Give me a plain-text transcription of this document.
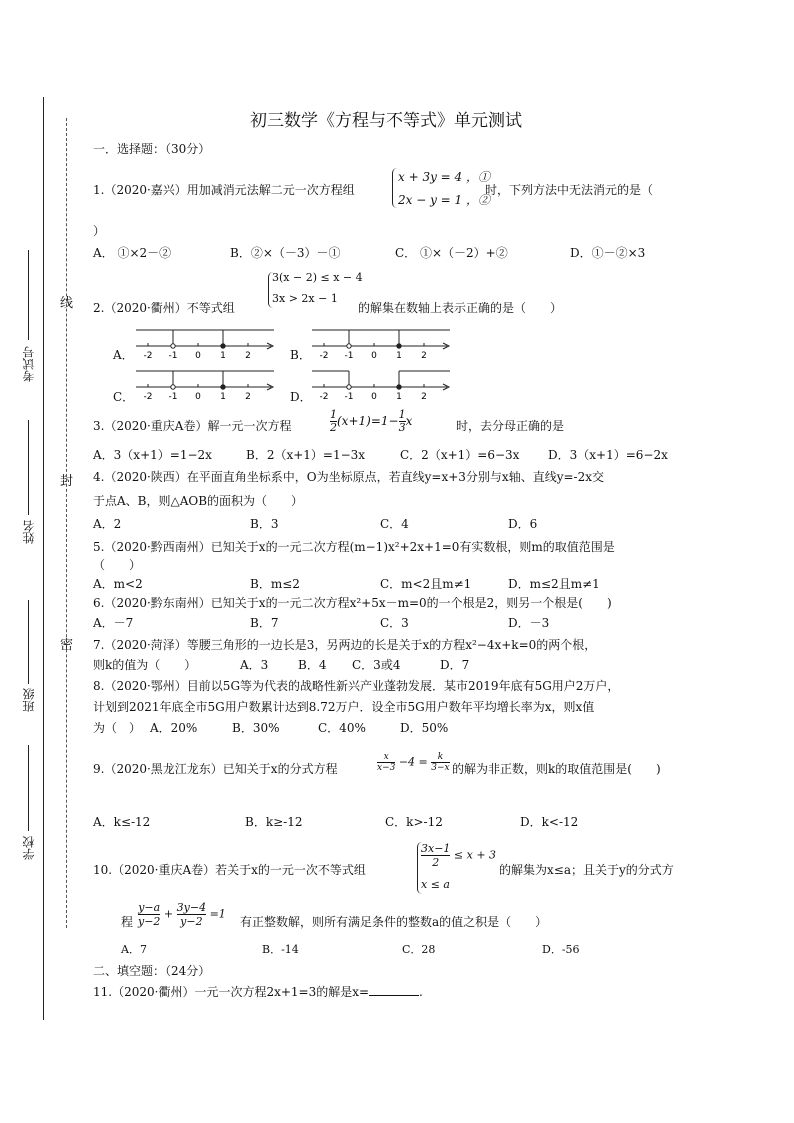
线
封
密
考试号
姓名
班级
学校
初三数学《方程与不等式》单元测试
一．选择题：（30分）
1.（2020·嘉兴）用加减消元法解二元一次方程组
x + 3y = 4 ，①
2x − y = 1 ，②
时，下列方法中无法消元的是（
）
A． ①×2－②	B．②×（－3）－①	C． ①×（－2）+②	D．①－②×3
2.（2020·衢州）不等式组
3(x − 2) ≤ x − 4
3x > 2x − 1
的解集在数轴上表示正确的是（　　）
A．	B．
C．	D．
-2 -1 0 1 2	-2 -1 0 1 2
-2 -1 0 1 2	-2 -1 0 1 2
3.（2020·重庆A卷）解一元一次方程
1

2 (x+1)=1−1

3 x	时，去分母正确的是
A．3（x+1）=1−2x	B．2（x+1）=1−3x	C．2（x+1）=6−3x D．3（x+1）=6−2x
4.（2020·陕西）在平面直角坐标系中，O为坐标原点，若直线y=x+3分别与x轴、直线y=-2x交
于点A、B，则△AOB的面积为（　　）
A．2	B．3	C．4	D．6
5.（2020·黔西南州）已知关于x的一元二次方程(m−1)x²+2x+1=0有实数根，则m的取值范围是
（　　）
A．m<2	B．m≤2	C．m<2且m≠1	D．m≤2且m≠1
6.（2020·黔东南州）已知关于x的一元二次方程x²+5x－m=0的一个根是2，则另一个根是(　　)
A．－7	B．7	C．3	D．－3
7.（2020·菏泽）等腰三角形的一边长是3，另两边的长是关于x的方程x²−4x+k=0的两个根，
则k的值为（　　）	A．3 B．4 C．3或4	D．7
8.（2020·鄂州）目前以5G等为代表的战略性新兴产业蓬勃发展．某市2019年底有5G用户2万户，
计划到2021年底全市5G用户数累计达到8.72万户．设全市5G用户数年平均增长率为x，则x值
为（　） A．20%	B．30%	C．40%	D．50%
9.（2020·黑龙江龙东）已知关于x的分式方程
x

x−3 −4 = k

3−x 的解为非正数，则k的取值范围是(　　)
A．k≤-12	B．k≥-12	C．k>-12	D．k<-12
10.（2020·重庆A卷）若关于x的一元一次不等式组
3x−1

2
≤ x + 3
x ≤ a
的解集为x≤a；且关于y的分式方
程
y−a

y−2
+ 3y−4

y−2
=1
有正整数解，则所有满足条件的整数a的值之积是（　　）
A．7	B．-14	C．28	D．-56
二、填空题：（24分）
11.（2020·衢州）一元一次方程2x+1=3的解是x=	.
